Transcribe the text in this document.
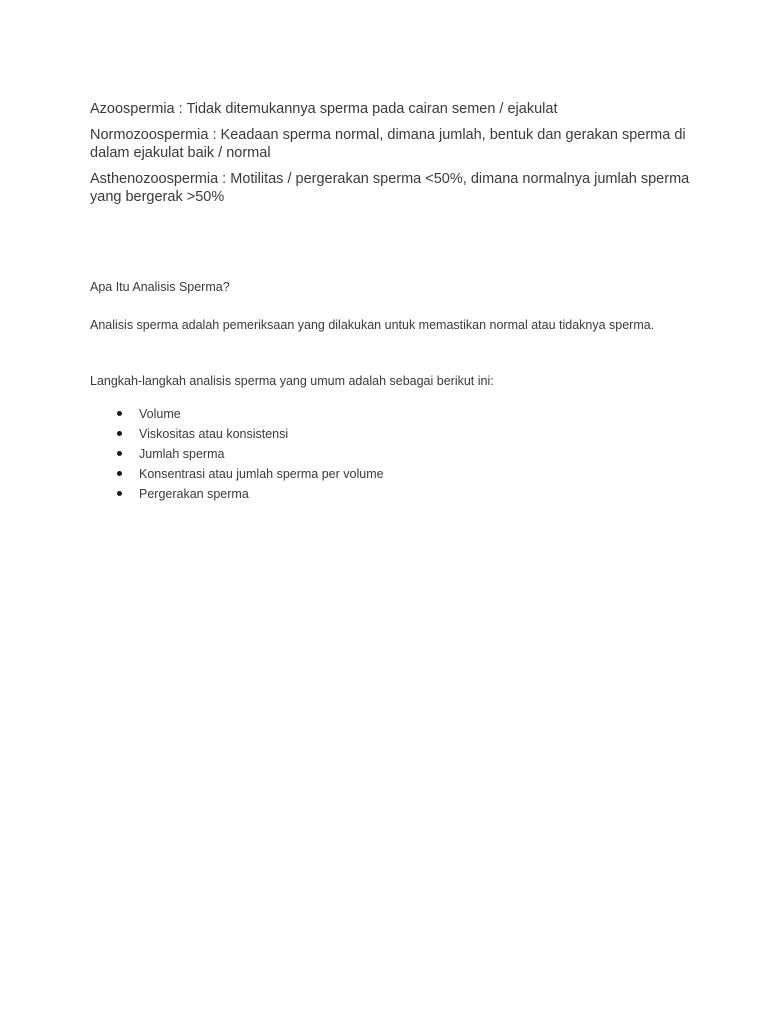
Azoospermia : Tidak ditemukannya sperma pada cairan semen / ejakulat

Normozoospermia : Keadaan sperma normal, dimana jumlah, bentuk dan gerakan sperma di dalam ejakulat baik / normal

Asthenozoospermia : Motilitas / pergerakan sperma <50%, dimana normalnya jumlah sperma yang bergerak >50%

Apa Itu Analisis Sperma?

Analisis sperma adalah pemeriksaan yang dilakukan untuk memastikan normal atau tidaknya sperma.

Langkah-langkah analisis sperma yang umum adalah sebagai berikut ini:

Volume
Viskositas atau konsistensi
Jumlah sperma
Konsentrasi atau jumlah sperma per volume
Pergerakan sperma
